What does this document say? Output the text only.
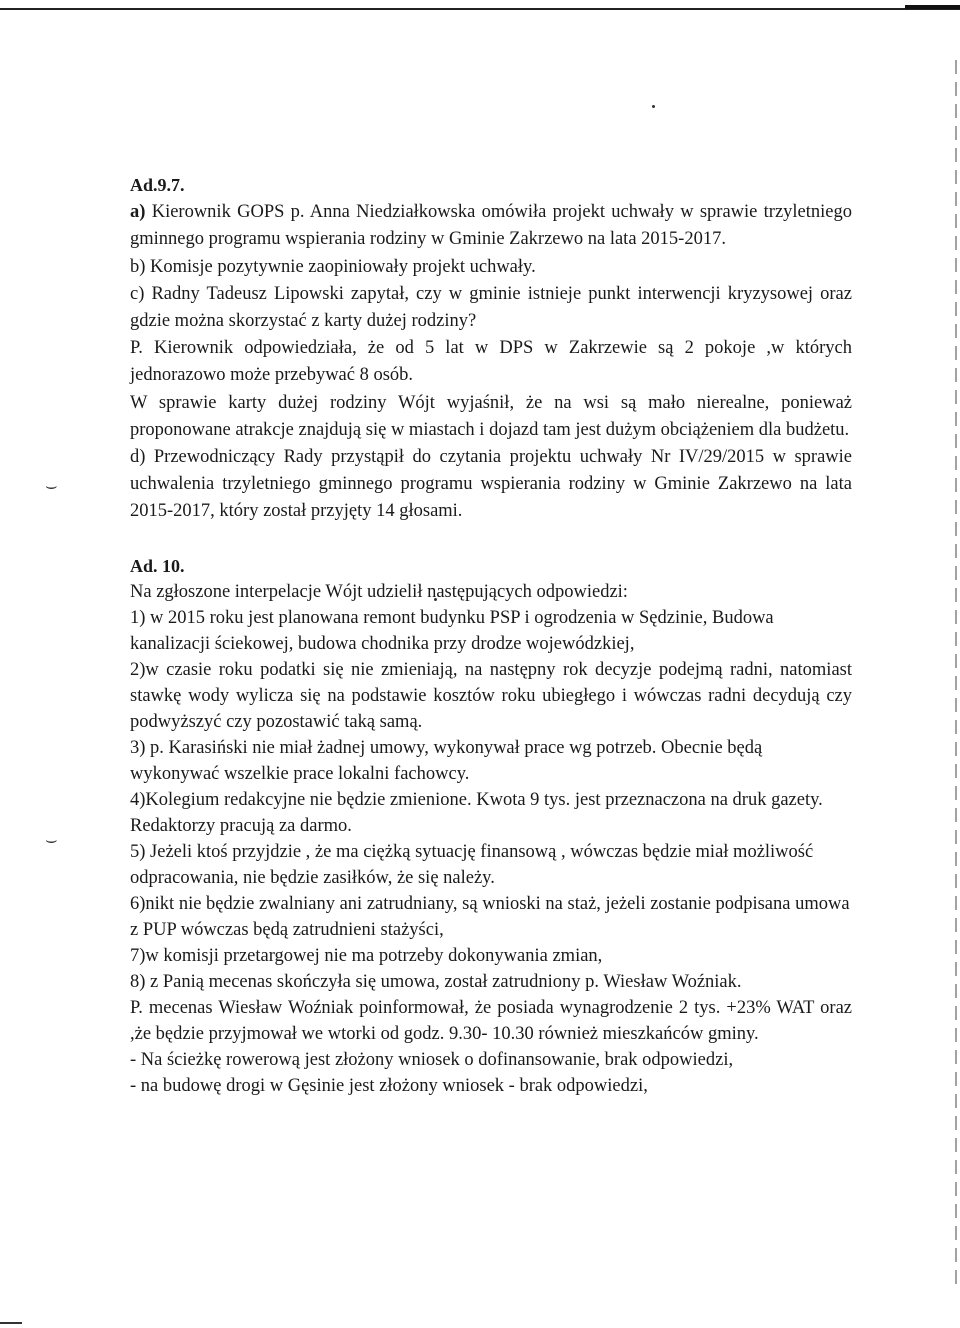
⌣
⌣
Ad.9.7.

a) Kierownik GOPS p. Anna Niedziałkowska omówiła projekt uchwały w sprawie trzyletniego gminnego programu wspierania rodziny w Gminie Zakrzewo na lata 2015-2017.

b) Komisje pozytywnie zaopiniowały projekt uchwały.

c) Radny Tadeusz Lipowski zapytał, czy w gminie istnieje punkt interwencji kryzysowej oraz gdzie można skorzystać z karty dużej rodziny?

P. Kierownik odpowiedziała, że od 5 lat w DPS w Zakrzewie są 2 pokoje ,w których jednorazowo może przebywać 8 osób.

W sprawie karty dużej rodziny Wójt wyjaśnił, że na wsi są mało nierealne, ponieważ proponowane atrakcje znajdują się w miastach i dojazd tam jest dużym obciążeniem dla budżetu.

d) Przewodniczący Rady przystąpił do czytania projektu uchwały Nr IV/29/2015 w sprawie uchwalenia trzyletniego gminnego programu wspierania rodziny w Gminie Zakrzewo na lata 2015-2017, który został przyjęty 14 głosami.

Ad. 10.

Na zgłoszone interpelacje Wójt udzielił następujących odpowiedzi:

1) w 2015 roku jest planowana remont budynku PSP i ogrodzenia w Sędzinie, Budowa kanalizacji ściekowej, budowa chodnika przy drodze wojewódzkiej,

2)w czasie roku podatki się nie zmieniają, na następny rok decyzje podejmą radni, natomiast stawkę wody wylicza się na podstawie kosztów roku ubiegłego i wówczas radni decydują czy podwyższyć czy pozostawić taką samą.

3) p. Karasiński nie miał żadnej umowy, wykonywał prace wg potrzeb. Obecnie będą wykonywać wszelkie prace lokalni fachowcy.

4)Kolegium redakcyjne nie będzie zmienione. Kwota 9 tys. jest przeznaczona na druk gazety. Redaktorzy pracują za darmo.

5) Jeżeli ktoś przyjdzie , że ma ciężką sytuację finansową , wówczas będzie miał możliwość odpracowania, nie będzie zasiłków, że się należy.

6)nikt nie będzie zwalniany ani zatrudniany, są wnioski na staż, jeżeli zostanie podpisana umowa z PUP wówczas będą zatrudnieni stażyści,

7)w komisji przetargowej nie ma potrzeby dokonywania zmian,

8) z Panią mecenas skończyła się umowa, został zatrudniony p. Wiesław Woźniak.

P. mecenas Wiesław Woźniak poinformował, że posiada wynagrodzenie 2 tys. +23% WAT oraz ,że będzie przyjmował we wtorki od godz. 9.30- 10.30 również mieszkańców gminy.

- Na ścieżkę rowerową jest złożony wniosek o dofinansowanie, brak odpowiedzi,

- na budowę drogi w Gęsinie jest złożony wniosek - brak odpowiedzi,
